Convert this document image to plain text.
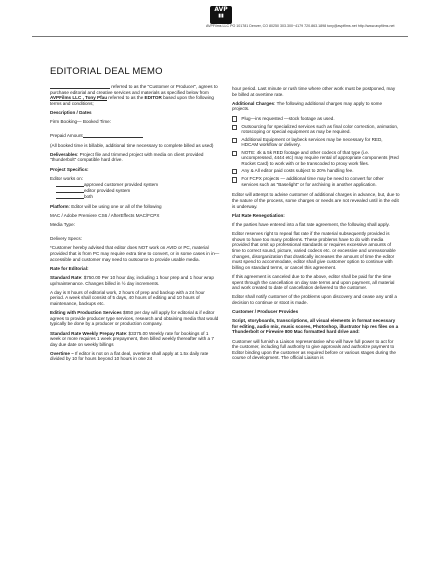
AVP
▮▮
AVPFilms LLC PO 101781 Denver, CO 80250 303.300~4179 720.863.1898 tony@avpfilms.net http://www.avpfilms.net
EDITORIAL DEAL MEMO

referred to as the "Customer or Producer", agrees to purchase editorial and creative services and materials as specified below from AVPFilms LLC , Tony Pfau referred to as the EDITOR based upon the following terms and conditions;

Description / Dates

Firm Booking— Booked Time:

Prepaid Amount

(All booked time is billable, additional time necessary to complete billed as used)

Deliverables: Project file and trimmed project with media on client provided "thunderbolt" compatible hard drive.

Project Specifics:

Editor works on:

approved customer provided system

editor provided system

both

Platform: Editor will be using one or all of the following

MAC / Adobe Premiere CS6 / AfterEffects MAC/FCPX

Media Type:

Delivery Specs:

*Customer hereby advised that editor does NOT work on AVID or PC, material provided that is from PC may require extra time to convert, or in some cases in in—accessible and customer may need to outsource to provide usable media.

Rate for Editorial:

Standard Rate: $750.00 Per 10 hour day, including 1 hour prep and 1 hour wrap up/maintenance. Changes billed in ½ day increments.

A day is 8 hours of editorial work, 2 hours of prep and backup with a 24 hour period. A week shall consist of 5 days, 40 hours of editing and 10 hours of maintenance, backups etc.

Editing with Production Services $850 per day will apply for editorial & if editor agrees to provide producer type services, research and obtaining media that would typically be done by a producer or production company.

Standard Rate Weekly Prepay Rate: $3375.00 Weekly rate for bookings of 1 week or more requires 1 week prepayment, then billed weekly thereafter with a 7 day due date on weekly billings

Overtime – If editor is not on a flat deal, overtime shall apply at 1.5x daily rate divided by 10 for hours beyond 10 hours in one 24

hour period. Last minute or rush time where other work must be postponed, may be billed at overtime rate.

Additional Charges: The following additional charges may apply to some projects.

Plug—ins requested —stock footage as used.
Outsourcing for specialized services such as final color correction, animation, rotoscoping or special equipment as may be required.
Additional Equipment or laybeck services may be necessary for RED, HDCAM workflow or delivery.
NOTE: 4k & 5k RED footage and other codecs of that type (i.e. uncompressed, 4444 etc) may require rental of appropriate components (Red Rocket Card) to work with or be transcoded to proxy work files.
Any & All editor paid costs subject to 20% handling fee.
For FCPX projects — additional time may be need to convert for other services such as "Baselight" or for archiving in another application.

Editor will attempt to advise customer of additional charges in advance, but, due to the nature of the process, some charges or needs are not revealed until in the edit is underway.

Flat Rate Renegotiation:

If the parties have entered into a flat rate agreement, the following shall apply.

Editor reserves right to repeal flat rate if the material subsequently provided is shown to have too many problems. These problems have to do with media provided that omit up professional standards or requires excessive amounts of time to correct sound, picture, varied codecs etc. or excessive and unreasonable changes, disorganization that drastically increases the amount of time the editor must spend to accommodate, editor shall give customer option to continue with billing on standard terms, or cancel this agreement.

If this agreement is canceled due to the above, editor shall be paid for the time spent through the cancellation on day rate terms and upon payment, all material and work created to date of cancellation delivered to the customer.

Editor shall notify customer of the problems upon discovery and cease any until a decision to continue or stoot is made.

Customer / Producer Provides

Script, storyboards, transcriptions, all visual elements in format necessary for editing, audio mix, music scores, Photoshop, illustrator hip res files on a Thunderbolt or Firewire 800 Mac formatted hard drive and:

Customer will furnish a Liaison representative who will have full power to act for the customer, including full authority to give approvals and authorize payment to Editor binding upon the customer as required before or various stages during the course of development. The official Liaison is
